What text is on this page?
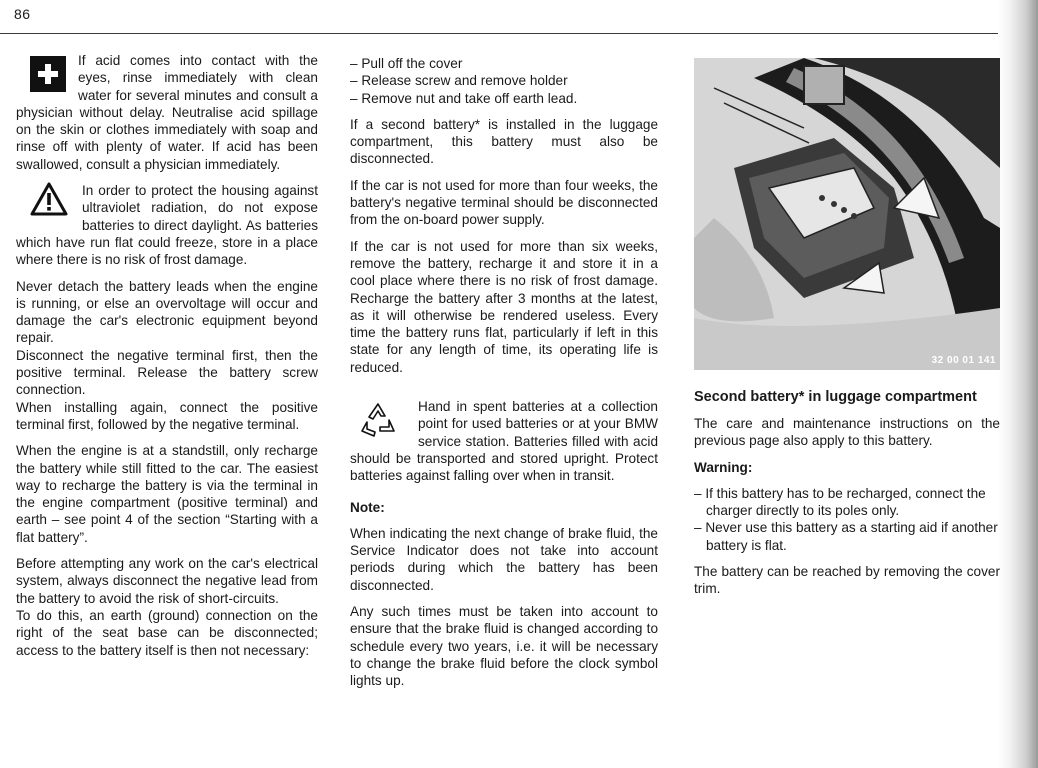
86

If acid comes into contact with the eyes, rinse immediately with clean water for several minutes and consult a physician without delay. Neutralise acid spillage on the skin or clothes immediately with soap and rinse off with plenty of water. If acid has been swallowed, consult a physician immediately.

In order to protect the housing against ultraviolet radiation, do not expose batteries to direct daylight. As batteries which have run flat could freeze, store in a place where there is no risk of frost damage.

Never detach the battery leads when the engine is running, or else an overvoltage will occur and damage the car's electronic equipment beyond repair.

Disconnect the negative terminal first, then the positive terminal. Release the battery screw connection.

When installing again, connect the positive terminal first, followed by the negative terminal.

When the engine is at a standstill, only recharge the battery while still fitted to the car. The easiest way to recharge the battery is via the terminal in the engine compartment (positive terminal) and earth – see point 4 of the section “Starting with a flat battery”.

Before attempting any work on the car's electrical system, always disconnect the negative lead from the battery to avoid the risk of short-circuits.

To do this, an earth (ground) connection on the right of the seat base can be disconnected; access to the battery itself is then not necessary:

– Pull off the cover

– Release screw and remove holder

– Remove nut and take off earth lead.

If a second battery* is installed in the luggage compartment, this battery must also be disconnected.

If the car is not used for more than four weeks, the battery's negative terminal should be disconnected from the on-board power supply.

If the car is not used for more than six weeks, remove the battery, recharge it and store it in a cool place where there is no risk of frost damage. Recharge the battery after 3 months at the latest, as it will otherwise be rendered useless. Every time the battery runs flat, particularly if left in this state for any length of time, its operating life is reduced.

Hand in spent batteries at a collection point for used batteries or at your BMW service station. Batteries filled with acid should be transported and stored upright. Protect batteries against falling over when in transit.

Note:

When indicating the next change of brake fluid, the Service Indicator does not take into account periods during which the battery has been disconnected.

Any such times must be taken into account to ensure that the brake fluid is changed according to schedule every two years, i.e. it will be necessary to change the brake fluid before the clock symbol lights up.

32 00 01 141

Second battery* in luggage compartment

The care and maintenance instructions on the previous page also apply to this battery.

Warning:

– If this battery has to be recharged, connect the charger directly to its poles only.

– Never use this battery as a starting aid if another battery is flat.

The battery can be reached by removing the cover trim.
